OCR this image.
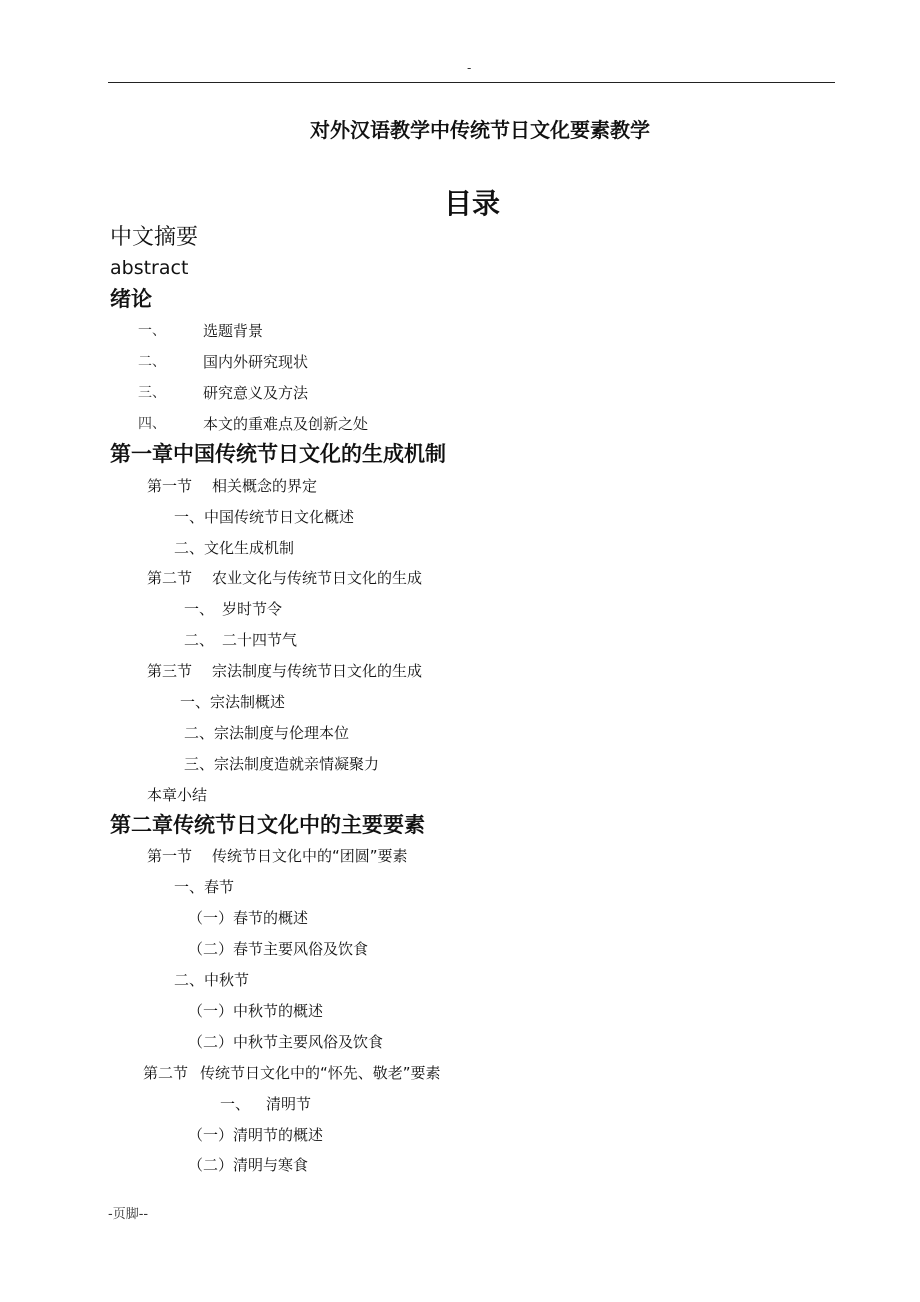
-
对外汉语教学中传统节日文化要素教学
目录
中文摘要
abstract
绪论
一、 选题背景
二、 国内外研究现状
三、 研究意义及方法
四、 本文的重难点及创新之处
第一章中国传统节日文化的生成机制
第一节 相关概念的界定
一、中国传统节日文化概述
二、文化生成机制
第二节 农业文化与传统节日文化的生成
一、 岁时节令
二、 二十四节气
第三节 宗法制度与传统节日文化的生成
一、宗法制概述
二、宗法制度与伦理本位
三、宗法制度造就亲情凝聚力
本章小结
第二章传统节日文化中的主要要素
第一节 传统节日文化中的“团圆”要素
一、春节
（一）春节的概述
（二）春节主要风俗及饮食
二、中秋节
（一）中秋节的概述
（二）中秋节主要风俗及饮食
第二节 传统节日文化中的“怀先、敬老”要素
一、 清明节
（一）清明节的概述
（二）清明与寒食
-页脚--
